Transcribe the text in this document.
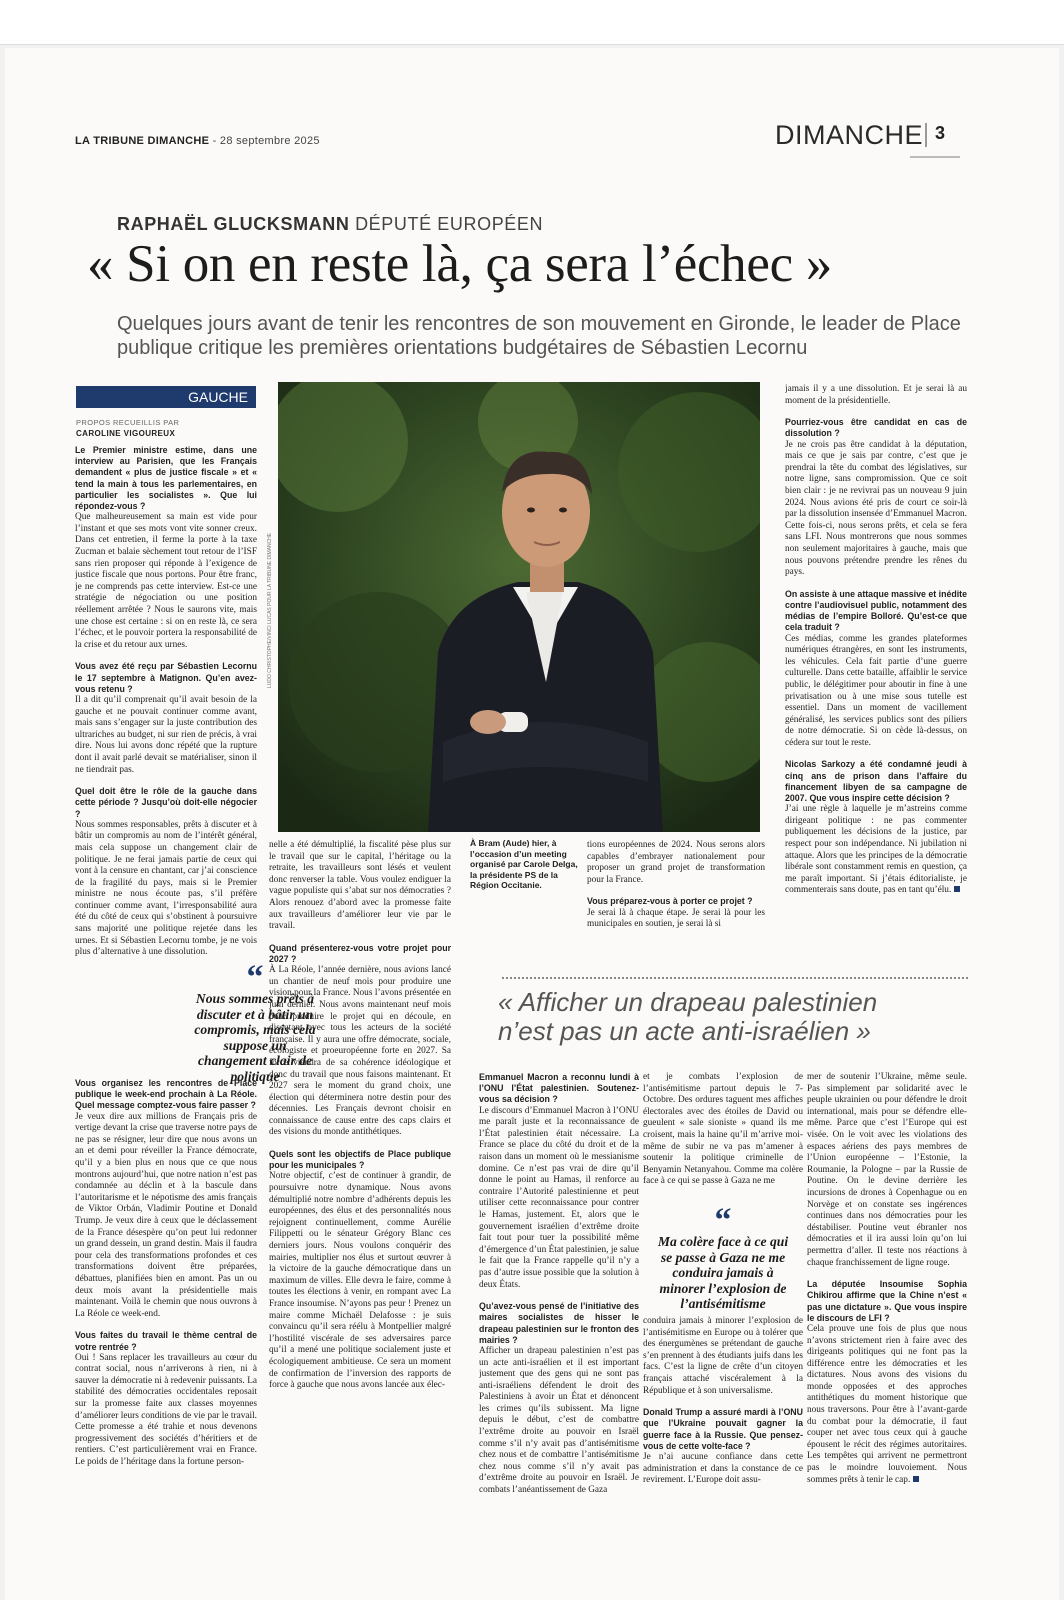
LA TRIBUNE DIMANCHE - 28 septembre 2025	DIMANCHE 3
RAPHAËL GLUCKSMANN DÉPUTÉ EUROPÉEN
« Si on en reste là, ça sera l’échec »
Quelques jours avant de tenir les rencontres de son mouvement en Gironde, le leader de Place publique critique les premières orientations budgétaires de Sébastien Lecornu
GAUCHE
PROPOS RECUEILLIS PAR
CAROLINE VIGOUREUX

Le Premier ministre estime, dans une interview au Parisien, que les Français demandent « plus de justice fiscale » et « tend la main à tous les parlementaires, en particulier les socialistes ». Que lui répondez-vous ?
Que malheureusement sa main est vide pour l’instant et que ses mots vont vite sonner creux. Dans cet entretien, il ferme la porte à la taxe Zucman et balaie sèchement tout retour de l’ISF sans rien proposer qui réponde à l’exigence de justice fiscale que nous portons. Pour être franc, je ne comprends pas cette interview. Est-ce une stratégie de négociation ou une position réellement arrêtée ? Nous le saurons vite, mais une chose est certaine : si on en reste là, ce sera l’échec, et le pouvoir portera la responsabilité de la crise et du retour aux urnes.

Vous avez été reçu par Sébastien Lecornu le 17 septembre à Matignon. Qu’en avez-vous retenu ?
Il a dit qu’il comprenait qu’il avait besoin de la gauche et ne pouvait continuer comme avant, mais sans s’engager sur la juste contribution des ultrariches au budget, ni sur rien de précis, à vrai dire. Nous lui avons donc répété que la rupture dont il avait parlé devait se matérialiser, sinon il ne tiendrait pas.

Quel doit être le rôle de la gauche dans cette période ? Jusqu’où doit-elle négocier ?
Nous sommes responsables, prêts à discuter et à bâtir un compromis au nom de l’intérêt général, mais cela suppose un changement clair de politique. Je ne ferai jamais partie de ceux qui vont à la censure en chantant, car j’ai conscience de la fragilité du pays, mais si le Premier ministre ne nous écoute pas, s’il préfère continuer comme avant, l’irresponsabilité aura été du côté de ceux qui s’obstinent à poursuivre sans majorité une politique rejetée dans les urnes. Et si Sébastien Lecornu tombe, je ne vois plus d’alternative à une dissolution.

“
Nous sommes prêts à discuter et à bâtir un compromis, mais cela suppose un changement clair de politique

Vous organisez les rencontres de Place publique le week-end prochain à La Réole. Quel message comptez-vous faire passer ?
Je veux dire aux millions de Français pris de vertige devant la crise que traverse notre pays de ne pas se résigner, leur dire que nous avons un an et demi pour réveiller la France démocrate, qu’il y a bien plus en nous que ce que nous montrons aujourd’hui, que notre nation n’est pas condamnée au déclin et à la bascule dans l’autoritarisme et le népotisme des amis français de Viktor Orbán, Vladimir Poutine et Donald Trump. Je veux dire à ceux que le déclassement de la France désespère qu’on peut lui redonner un grand dessein, un grand destin. Mais il faudra pour cela des transformations profondes et ces transformations doivent être préparées, débattues, planifiées bien en amont. Pas un ou deux mois avant la présidentielle mais maintenant. Voilà le chemin que nous ouvrons à La Réole ce week-end.

Vous faites du travail le thème central de votre rentrée ?
Oui ! Sans replacer les travailleurs au cœur du contrat social, nous n’arriverons à rien, ni à sauver la démocratie ni à redevenir puissants. La stabilité des démocraties occidentales reposait sur la promesse faite aux classes moyennes d’améliorer leurs conditions de vie par le travail. Cette promesse a été trahie et nous devenons progressivement des sociétés d’héritiers et de rentiers. C’est particulièrement vrai en France. Le poids de l’héritage dans la fortune person-

nelle a été démultiplié, la fiscalité pèse plus sur le travail que sur le capital, l’héritage ou la retraite, les travailleurs sont lésés et veulent donc renverser la table. Vous voulez endiguer la vague populiste qui s’abat sur nos démocraties ? Alors renouez d’abord avec la promesse faite aux travailleurs d’améliorer leur vie par le travail.

Quand présenterez-vous votre projet pour 2027 ?
À La Réole, l’année dernière, nous avions lancé un chantier de neuf mois pour produire une vision pour la France. Nous l’avons présentée en juin dernier. Nous avons maintenant neuf mois pour produire le projet qui en découle, en discutant avec tous les acteurs de la société française. Il y aura une offre démocrate, sociale, écologiste et proeuropéenne forte en 2027. Sa force viendra de sa cohérence idéologique et donc du travail que nous faisons maintenant. Et 2027 sera le moment du grand choix, une élection qui déterminera notre destin pour des décennies. Les Français devront choisir en connaissance de cause entre des caps clairs et des visions du monde antithétiques.

Quels sont les objectifs de Place publique pour les municipales ?
Notre objectif, c’est de continuer à grandir, de poursuivre notre dynamique. Nous avons démultiplié notre nombre d’adhérents depuis les européennes, des élus et des personnalités nous rejoignent continuellement, comme Aurélie Filippetti ou le sénateur Grégory Blanc ces derniers jours. Nous voulons conquérir des mairies, multiplier nos élus et surtout œuvrer à la victoire de la gauche démocratique dans un maximum de villes. Elle devra le faire, comme à toutes les élections à venir, en rompant avec La France insoumise. N’ayons pas peur ! Prenez un maire comme Michaël Delafosse : je suis convaincu qu’il sera réélu à Montpellier malgré l’hostilité viscérale de ses adversaires parce qu’il a mené une politique socialement juste et écologiquement ambitieuse. Ce sera un moment de confirmation de l’inversion des rapports de force à gauche que nous avons lancée aux élec-

LUDO CHRISTOPHE/VINCI LUCAS POUR LA TRIBUNE DIMANCHE
À Bram (Aude) hier, à l’occasion d’un meeting organisé par Carole Delga, la présidente PS de la Région Occitanie.

tions européennes de 2024. Nous serons alors capables d’embrayer nationalement pour proposer un grand projet de transformation pour la France.

Vous préparez-vous à porter ce projet ?
Je serai là à chaque étape. Je serai là pour les municipales en soutien, je serai là si

jamais il y a une dissolution. Et je serai là au moment de la présidentielle.

Pourriez-vous être candidat en cas de dissolution ?
Je ne crois pas être candidat à la députation, mais ce que je sais par contre, c’est que je prendrai la tête du combat des législatives, sur notre ligne, sans compromission. Que ce soit bien clair : je ne revivrai pas un nouveau 9 juin 2024. Nous avions été pris de court ce soir-là par la dissolution insensée d’Emmanuel Macron. Cette fois-ci, nous serons prêts, et cela se fera sans LFI. Nous montrerons que nous sommes non seulement majoritaires à gauche, mais que nous pouvons prétendre prendre les rênes du pays.

On assiste à une attaque massive et inédite contre l’audiovisuel public, notamment des médias de l’empire Bolloré. Qu’est-ce que cela traduit ?
Ces médias, comme les grandes plateformes numériques étrangères, en sont les instruments, les véhicules. Cela fait partie d’une guerre culturelle. Dans cette bataille, affaiblir le service public, le délégitimer pour aboutir in fine à une privatisation ou à une mise sous tutelle est essentiel. Dans un moment de vacillement généralisé, les services publics sont des piliers de notre démocratie. Si on cède là-dessus, on cédera sur tout le reste.

Nicolas Sarkozy a été condamné jeudi à cinq ans de prison dans l’affaire du financement libyen de sa campagne de 2007. Que vous inspire cette décision ?
J’ai une règle à laquelle je m’astreins comme dirigeant politique : ne pas commenter publiquement les décisions de la justice, par respect pour son indépendance. Ni jubilation ni attaque. Alors que les principes de la démocratie libérale sont constamment remis en question, ça me paraît important. Si j’étais éditorialiste, je commenterais sans doute, pas en tant qu’élu.

« Afficher un drapeau palestinien n’est pas un acte anti-israélien »

Emmanuel Macron a reconnu lundi à l’ONU l’État palestinien. Soutenez-vous sa décision ?
Le discours d’Emmanuel Macron à l’ONU me paraît juste et la reconnaissance de l’État palestinien était nécessaire. La France se place du côté du droit et de la raison dans un moment où le messianisme domine. Ce n’est pas vrai de dire qu’il donne le point au Hamas, il renforce au contraire l’Autorité palestinienne et peut utiliser cette reconnaissance pour contrer le Hamas, justement. Et, alors que le gouvernement israélien d’extrême droite fait tout pour tuer la possibilité même d’émergence d’un État palestinien, je salue le fait que la France rappelle qu’il n’y a pas d’autre issue possible que la solution à deux États.

Qu’avez-vous pensé de l’initiative des maires socialistes de hisser le drapeau palestinien sur le fronton des mairies ?
Afficher un drapeau palestinien n’est pas un acte anti-israélien et il est important justement que des gens qui ne sont pas anti-israéliens défendent le droit des Palestiniens à avoir un État et dénoncent les crimes qu’ils subissent. Ma ligne depuis le début, c’est de combattre l’extrême droite au pouvoir en Israël comme s’il n’y avait pas d’antisémitisme chez nous et de combattre l’antisémitisme chez nous comme s’il n’y avait pas d’extrême droite au pouvoir en Israël. Je combats l’anéantissement de Gaza

et je combats l’explosion de l’antisémitisme partout depuis le 7-Octobre. Des ordures taguent mes affiches électorales avec des étoiles de David ou gueulent « sale sioniste » quand ils me croisent, mais la haine qu’il m’arrive moi-même de subir ne va pas m’amener à soutenir la politique criminelle de Benyamin Netanyahou. Comme ma colère face à ce qui se passe à Gaza ne me

“
Ma colère face à ce qui se passe à Gaza ne me conduira jamais à minorer l’explosion de l’antisémitisme

conduira jamais à minorer l’explosion de l’antisémitisme en Europe ou à tolérer que des énergumènes se prétendant de gauche s’en prennent à des étudiants juifs dans les facs. C’est la ligne de crête d’un citoyen français attaché viscéralement à la République et à son universalisme.

Donald Trump a assuré mardi à l’ONU que l’Ukraine pouvait gagner la guerre face à la Russie. Que pensez-vous de cette volte-face ?
Je n’ai aucune confiance dans cette administration et dans la constance de ce revirement. L’Europe doit assu-

mer de soutenir l’Ukraine, même seule. Pas simplement par solidarité avec le peuple ukrainien ou pour défendre le droit international, mais pour se défendre elle-même. Parce que c’est l’Europe qui est visée. On le voit avec les violations des espaces aériens des pays membres de l’Union européenne – l’Estonie, la Roumanie, la Pologne – par la Russie de Poutine. On le devine derrière les incursions de drones à Copenhague ou en Norvège et on constate ses ingérences continues dans nos démocraties pour les déstabiliser. Poutine veut ébranler nos démocraties et il ira aussi loin qu’on lui permettra d’aller. Il teste nos réactions à chaque franchissement de ligne rouge.

La députée Insoumise Sophia Chikirou affirme que la Chine n’est « pas une dictature ». Que vous inspire le discours de LFI ?
Cela prouve une fois de plus que nous n’avons strictement rien à faire avec des dirigeants politiques qui ne font pas la différence entre les démocraties et les dictatures. Nous avons des visions du monde opposées et des approches antithétiques du moment historique que nous traversons. Pour être à l’avant-garde du combat pour la démocratie, il faut couper net avec tous ceux qui à gauche épousent le récit des régimes autoritaires. Les tempêtes qui arrivent ne permettront pas le moindre louvoiement. Nous sommes prêts à tenir le cap.
